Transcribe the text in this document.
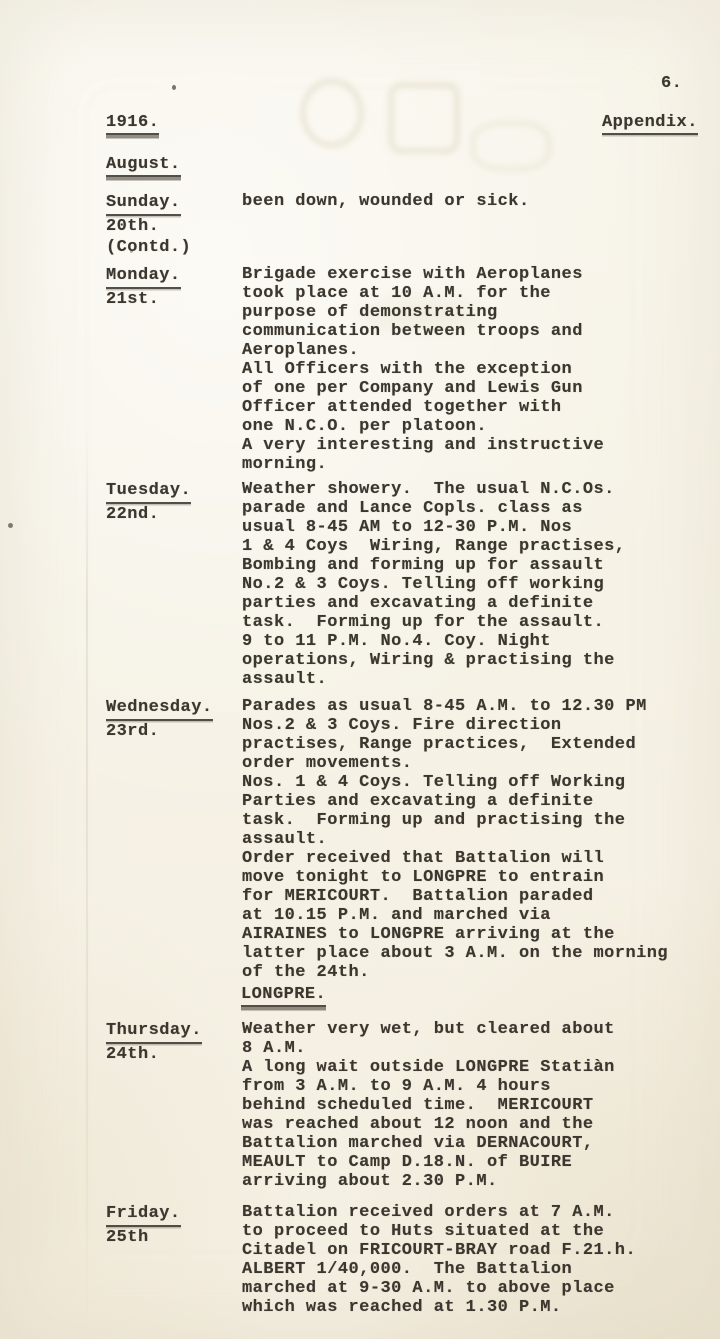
6.
1916.	Appendix.
August.
Sunday.
20th.
(Contd.)
been down, wounded or sick.
Monday.
21st.
Brigade exercise with Aeroplanes
took place at 10 A.M. for the
purpose of demonstrating
communication between troops and
Aeroplanes.
All Officers with the exception
of one per Company and Lewis Gun
Officer attended together with
one N.C.O. per platoon.
A very interesting and instructive
morning.
Tuesday.
22nd.
Weather showery.  The usual N.C.Os.
parade and Lance Copls. class as
usual 8-45 AM to 12-30 P.M. Nos
1 & 4 Coys  Wiring, Range practises,
Bombing and forming up for assault
No.2 & 3 Coys. Telling off working
parties and excavating a definite
task.  Forming up for the assault.
9 to 11 P.M. No.4. Coy. Night
operations, Wiring & practising the
assault.
Wednesday.
23rd.
Parades as usual 8-45 A.M. to 12.30 PM
Nos.2 & 3 Coys. Fire direction
practises, Range practices,  Extended
order movements.
Nos. 1 & 4 Coys. Telling off Working
Parties and excavating a definite
task.  Forming up and practising the
assault.
Order received that Battalion will
move tonight to LONGPRE to entrain
for MERICOURT.  Battalion paraded
at 10.15 P.M. and marched via
AIRAINES to LONGPRE arriving at the
latter place about 3 A.M. on the morning
of the 24th.
LONGPRE.
Thursday.
24th.
Weather very wet, but cleared about
8 A.M.
A long wait outside LONGPRE Statiàn
from 3 A.M. to 9 A.M. 4 hours
behind scheduled time.  MERICOURT
was reached about 12 noon and the
Battalion marched via DERNACOURT,
MEAULT to Camp D.18.N. of BUIRE
arriving about 2.30 P.M.
Friday.
25th
Battalion received orders at 7 A.M.
to proceed to Huts situated at the
Citadel on FRICOURT-BRAY road F.21.h.
ALBERT 1/40,000.  The Battalion
marched at 9-30 A.M. to above place
which was reached at 1.30 P.M.
